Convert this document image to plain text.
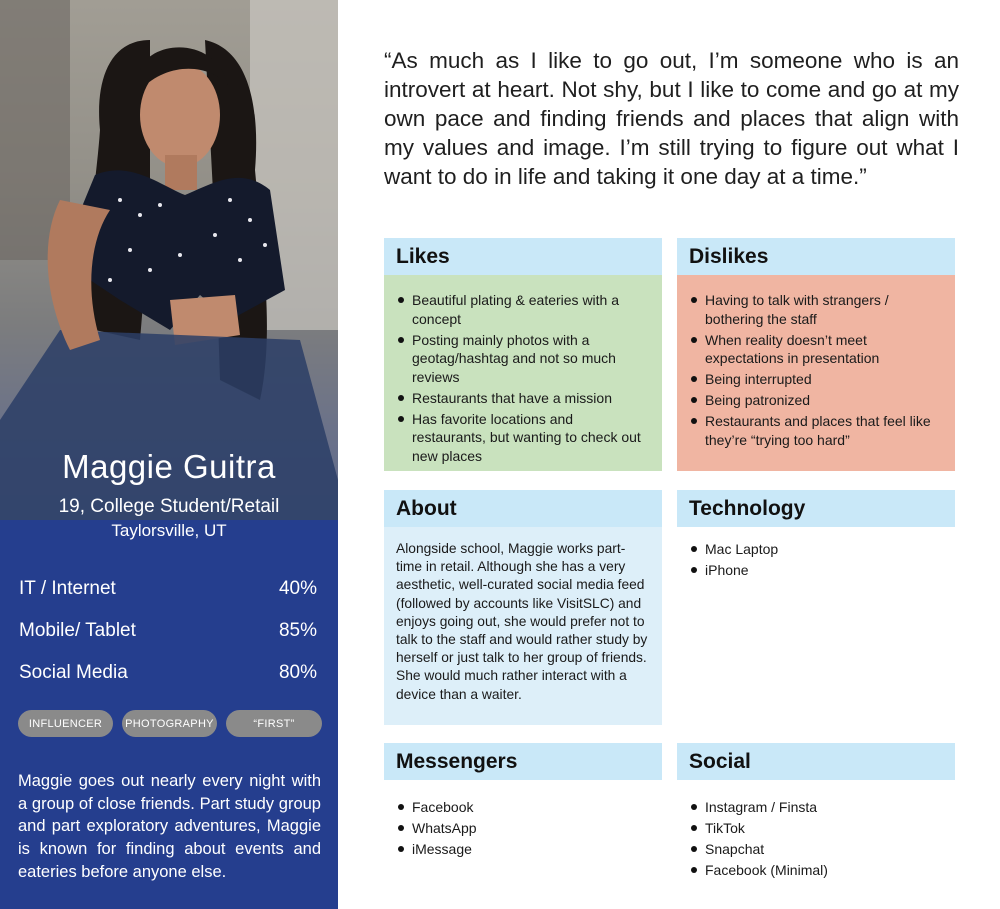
Maggie Guitra
19, College Student/Retail
Taylorsville, UT
IT / Internet	40%
Mobile/ Tablet	85%
Social Media	80%
INFLUENCER	PHOTOGRAPHY	“FIRST”

Maggie goes out nearly every night with a group of close friends. Part study group and part exploratory adventures, Maggie is known for finding about events and eateries before anyone else.

“As much as I like to go out, I’m someone who is an introvert at heart. Not shy, but I like to come and go at my own pace and finding friends and places that align with my values and image. I’m still trying to figure out what I want to do in life and taking it one day at a time.”

Likes
Beautiful plating & eateries with a concept
Posting mainly photos with a geotag/hashtag and not so much reviews
Restaurants that have a mission
Has favorite locations and restaurants, but wanting to check out new places
Dislikes
Having to talk with strangers / bothering the staff
When reality doesn’t meet expectations in presentation
Being interrupted
Being patronized
Restaurants and places that feel like they’re “trying too hard”
About

Alongside school, Maggie works part-time in retail. Although she has a very aesthetic, well-curated social media feed (followed by accounts like VisitSLC) and enjoys going out, she would prefer not to talk to the staff and would rather study by herself or just talk to her group of friends. She would much rather interact with a device than a waiter.

Technology
Mac Laptop
iPhone
Messengers
Facebook
WhatsApp
iMessage
Social
Instagram / Finsta
TikTok
Snapchat
Facebook (Minimal)
